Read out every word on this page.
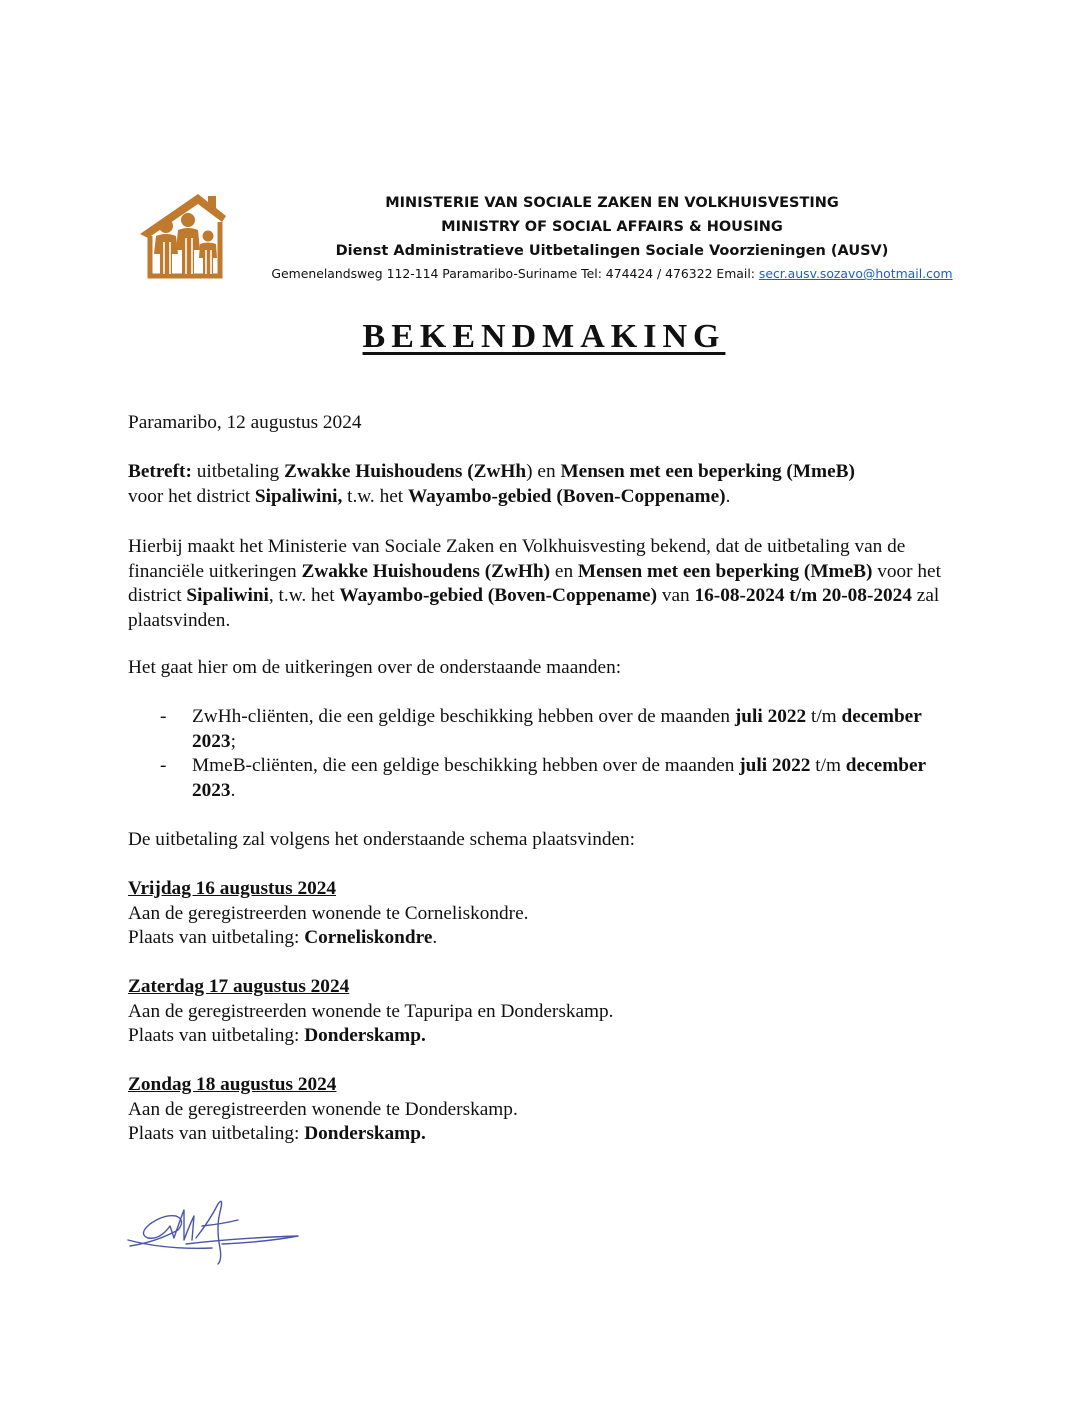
MINISTERIE VAN SOCIALE ZAKEN EN VOLKHUISVESTING
MINISTRY OF SOCIAL AFFAIRS & HOUSING
Dienst Administratieve Uitbetalingen Sociale Voorzieningen (AUSV)
Gemenelandsweg 112-114 Paramaribo-Suriname Tel: 474424 / 476322 Email: secr.ausv.sozavo@hotmail.com
BEKENDMAKING
Paramaribo, 12 augustus 2024

Betreft: uitbetaling Zwakke Huishoudens (ZwHh) en Mensen met een beperking (MmeB)

voor het district Sipaliwini, t.w. het Wayambo-gebied (Boven-Coppename).

Hierbij maakt het Ministerie van Sociale Zaken en Volkhuisvesting bekend, dat de uitbetaling van de financiële uitkeringen Zwakke Huishoudens (ZwHh) en Mensen met een beperking (MmeB) voor het district Sipaliwini, t.w. het Wayambo-gebied (Boven-Coppename) van 16-08-2024 t/m 20-08-2024 zal plaatsvinden.

Het gaat hier om de uitkeringen over de onderstaande maanden:
- ZwHh-cliënten, die een geldige beschikking hebben over de maanden juli 2022 t/m december 2023;
- MmeB-cliënten, die een geldige beschikking hebben over de maanden juli 2022 t/m december 2023.
De uitbetaling zal volgens het onderstaande schema plaatsvinden:

Vrijdag 16 augustus 2024

Aan de geregistreerden wonende te Corneliskondre.

Plaats van uitbetaling: Corneliskondre.

Zaterdag 17 augustus 2024

Aan de geregistreerden wonende te Tapuripa en Donderskamp.

Plaats van uitbetaling: Donderskamp.

Zondag 18 augustus 2024

Aan de geregistreerden wonende te Donderskamp.

Plaats van uitbetaling: Donderskamp.
